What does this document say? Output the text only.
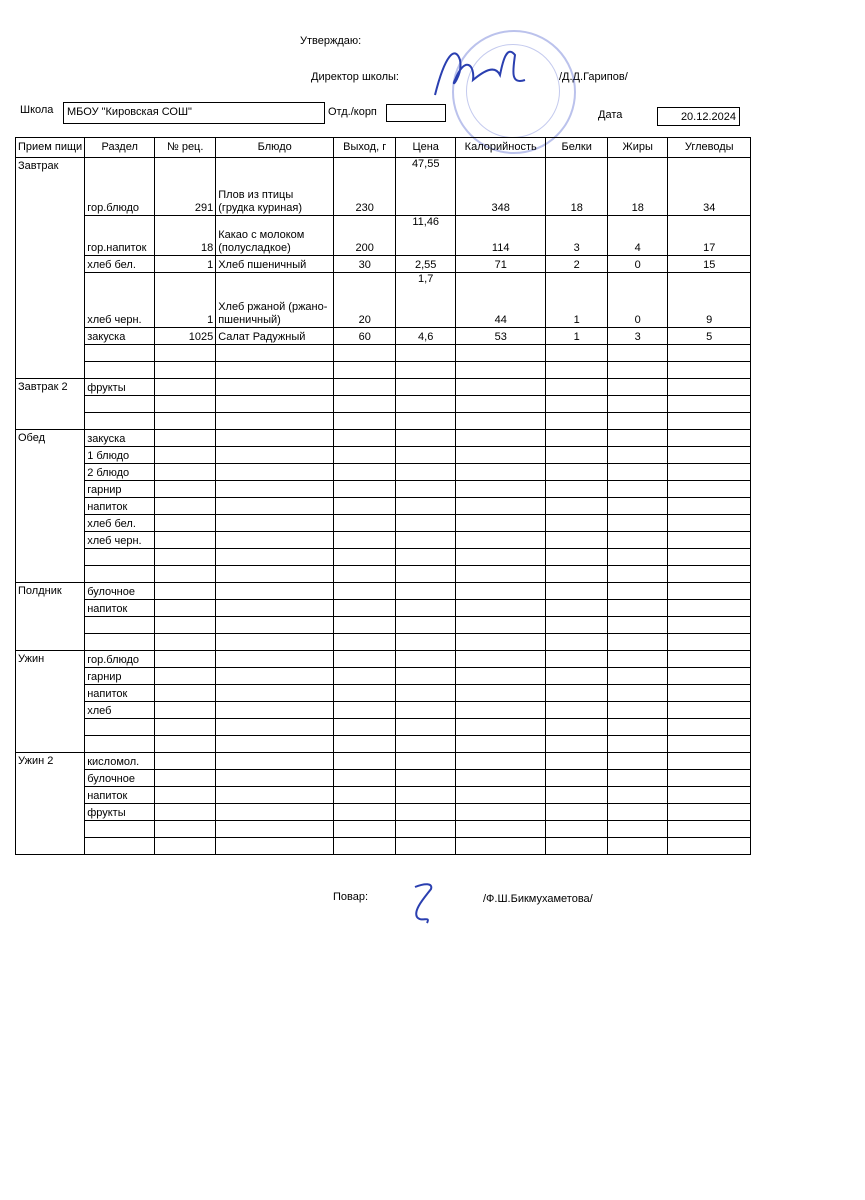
Утверждаю:
Директор школы:	/Д.Д.Гарипов/
Школа МБОУ "Кировская СОШ"	Отд./корп	Дата	20.12.2024
Прием пищи	Раздел	№ рец.	Блюдо	Выход, г	Цена	Калорийность	Белки	Жиры	Углеводы
Завтрак	гор.блюдо	291	Плов из птицы (грудка куриная)	230	47,55	348	18	18	34
	гор.напиток	18	Какао с молоком (полусладкое)	200	11,46	114	3	4	17
	хлеб бел.	1	Хлеб пшеничный	30	2,55	71	2	0	15
	хлеб черн.	1	Хлеб ржаной (ржано-пшеничный)	20	1,7	44	1	0	9
	закуска	1025	Салат Радужный	60	4,6	53	1	3	5

Завтрак 2	фрукты								

Обед	закуска								
	1 блюдо								
	2 блюдо								
	гарнир								
	напиток								
	хлеб бел.								
	хлеб черн.								

Полдник	булочное								
	напиток								

Ужин	гор.блюдо								
	гарнир								
	напиток								
	хлеб								

Ужин 2	кисломол.								
	булочное								
	напиток								
	фрукты								

Повар:	/Ф.Ш.Бикмухаметова/
